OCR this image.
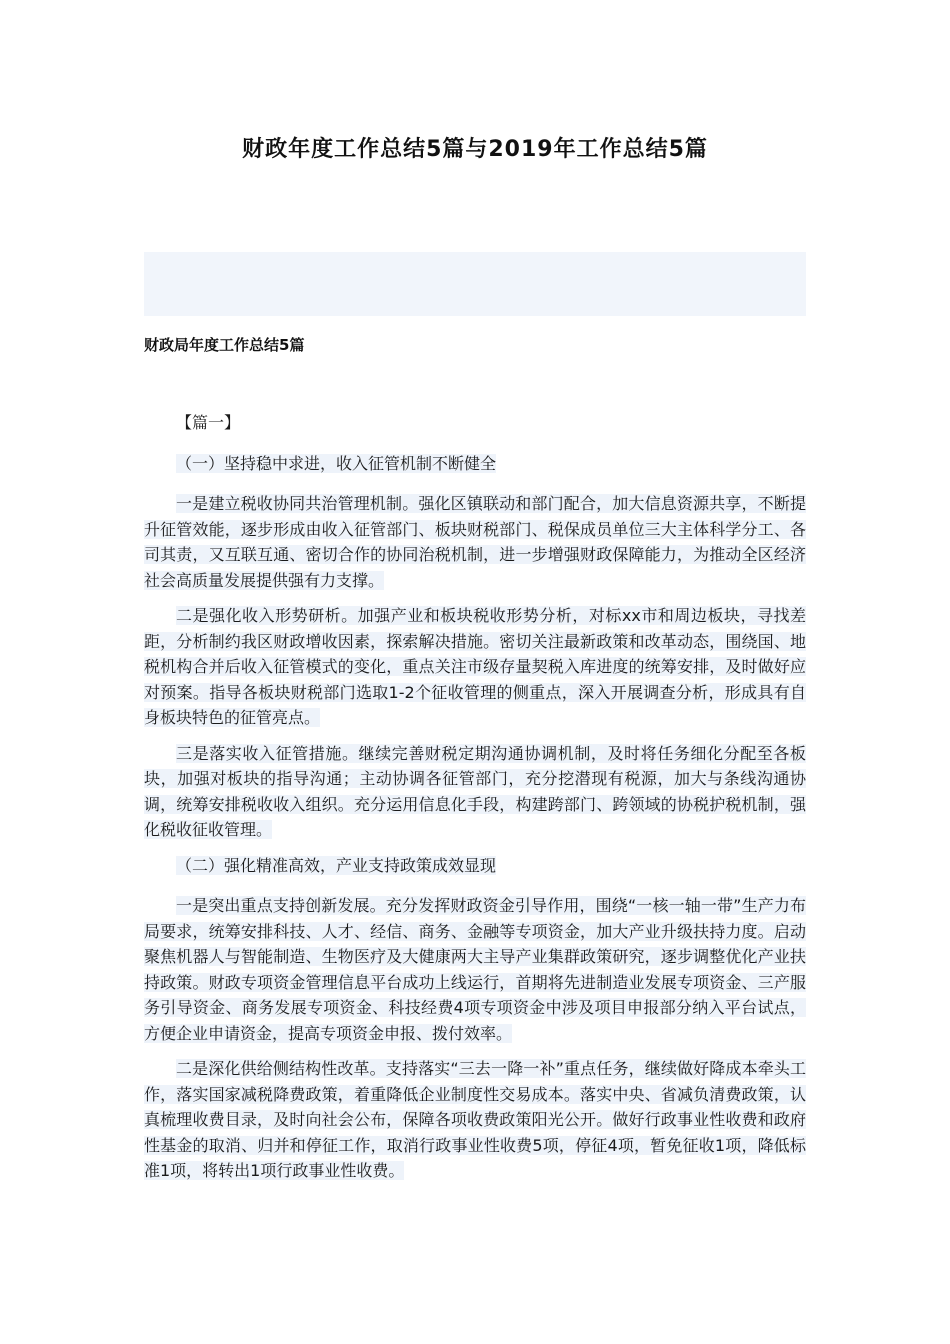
财政年度工作总结5篇与2019年工作总结5篇
财政局年度工作总结5篇
【篇一】
（一）坚持稳中求进，收入征管机制不断健全

一是建立税收协同共治管理机制。强化区镇联动和部门配合，加大信息资源共享，不断提升征管效能，逐步形成由收入征管部门、板块财税部门、税保成员单位三大主体科学分工、各司其责，又互联互通、密切合作的协同治税机制，进一步增强财政保障能力，为推动全区经济社会高质量发展提供强有力支撑。

二是强化收入形势研析。加强产业和板块税收形势分析，对标xx市和周边板块，寻找差距，分析制约我区财政增收因素，探索解决措施。密切关注最新政策和改革动态，围绕国、地税机构合并后收入征管模式的变化，重点关注市级存量契税入库进度的统筹安排，及时做好应对预案。指导各板块财税部门选取1-2个征收管理的侧重点，深入开展调查分析，形成具有自身板块特色的征管亮点。

三是落实收入征管措施。继续完善财税定期沟通协调机制，及时将任务细化分配至各板块，加强对板块的指导沟通；主动协调各征管部门，充分挖潜现有税源，加大与条线沟通协调，统筹安排税收收入组织。充分运用信息化手段，构建跨部门、跨领域的协税护税机制，强化税收征收管理。

（二）强化精准高效，产业支持政策成效显现

一是突出重点支持创新发展。充分发挥财政资金引导作用，围绕“一核一轴一带”生产力布局要求，统筹安排科技、人才、经信、商务、金融等专项资金，加大产业升级扶持力度。启动聚焦机器人与智能制造、生物医疗及大健康两大主导产业集群政策研究，逐步调整优化产业扶持政策。财政专项资金管理信息平台成功上线运行，首期将先进制造业发展专项资金、三产服务引导资金、商务发展专项资金、科技经费4项专项资金中涉及项目申报部分纳入平台试点，方便企业申请资金，提高专项资金申报、拨付效率。

二是深化供给侧结构性改革。支持落实“三去一降一补”重点任务，继续做好降成本牵头工作，落实国家减税降费政策，着重降低企业制度性交易成本。落实中央、省减负清费政策，认真梳理收费目录，及时向社会公布，保障各项收费政策阳光公开。做好行政事业性收费和政府性基金的取消、归并和停征工作，取消行政事业性收费5项，停征4项，暂免征收1项，降低标准1项，将转出1项行政事业性收费。
